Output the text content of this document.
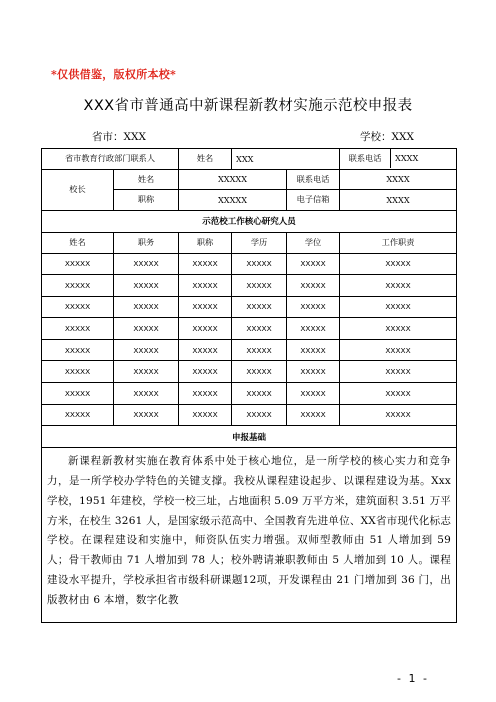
*仅供借鉴，版权所本校*
XXX省市普通高中新课程新教材实施示范校申报表
省市：XXX	学校：XXX
省市教育行政部门联系人		姓名	XXX		联系电话 XXXX
校长	姓名	XXXXX		联系电话	XXXX
	职称	XXXXX		电子信箱	XXXX
示范校工作核心研究人员					
姓名	职务	职称	学历	学位	工作职责
XXXXX	XXXXX	XXXXX	XXXXX	XXXXX	XXXXX
XXXXX	XXXXX	XXXXX	XXXXX	XXXXX	XXXXX
XXXXX	XXXXX	XXXXX	XXXXX	XXXXX	XXXXX
XXXXX	XXXXX	XXXXX	XXXXX	XXXXX	XXXXX
XXXXX	XXXXX	XXXXX	XXXXX	XXXXX	XXXXX
XXXXX	XXXXX	XXXXX	XXXXX	XXXXX	XXXXX
XXXXX	XXXXX	XXXXX	XXXXX	XXXXX	XXXXX
XXXXX	XXXXX	XXXXX	XXXXX	XXXXX	XXXXX
申报基础					

新课程新教材实施在教育体系中处于核心地位，是一所学校的核心实力和竞争力，是一所学校办学特色的关键支撑。我校从课程建设起步、以课程建设为基。Xxx 学校，1951 年建校，学校一校三址，占地面积 5.09 万平方米，建筑面积 3.51 万平方米，在校生 3261 人，是国家级示范高中、全国教育先进单位、XX省市现代化标志学校。在课程建设和实施中，师资队伍实力增强。双师型教师由 51 人增加到 59 人；骨干教师由 71 人增加到 78 人；校外聘请兼职教师由 5 人增加到 10 人。课程建设水平提升，学校承担省市级科研课题12项，开发课程由 21 门增加到 36 门，出版教材由 6 本增，数字化教					

- 1 -
